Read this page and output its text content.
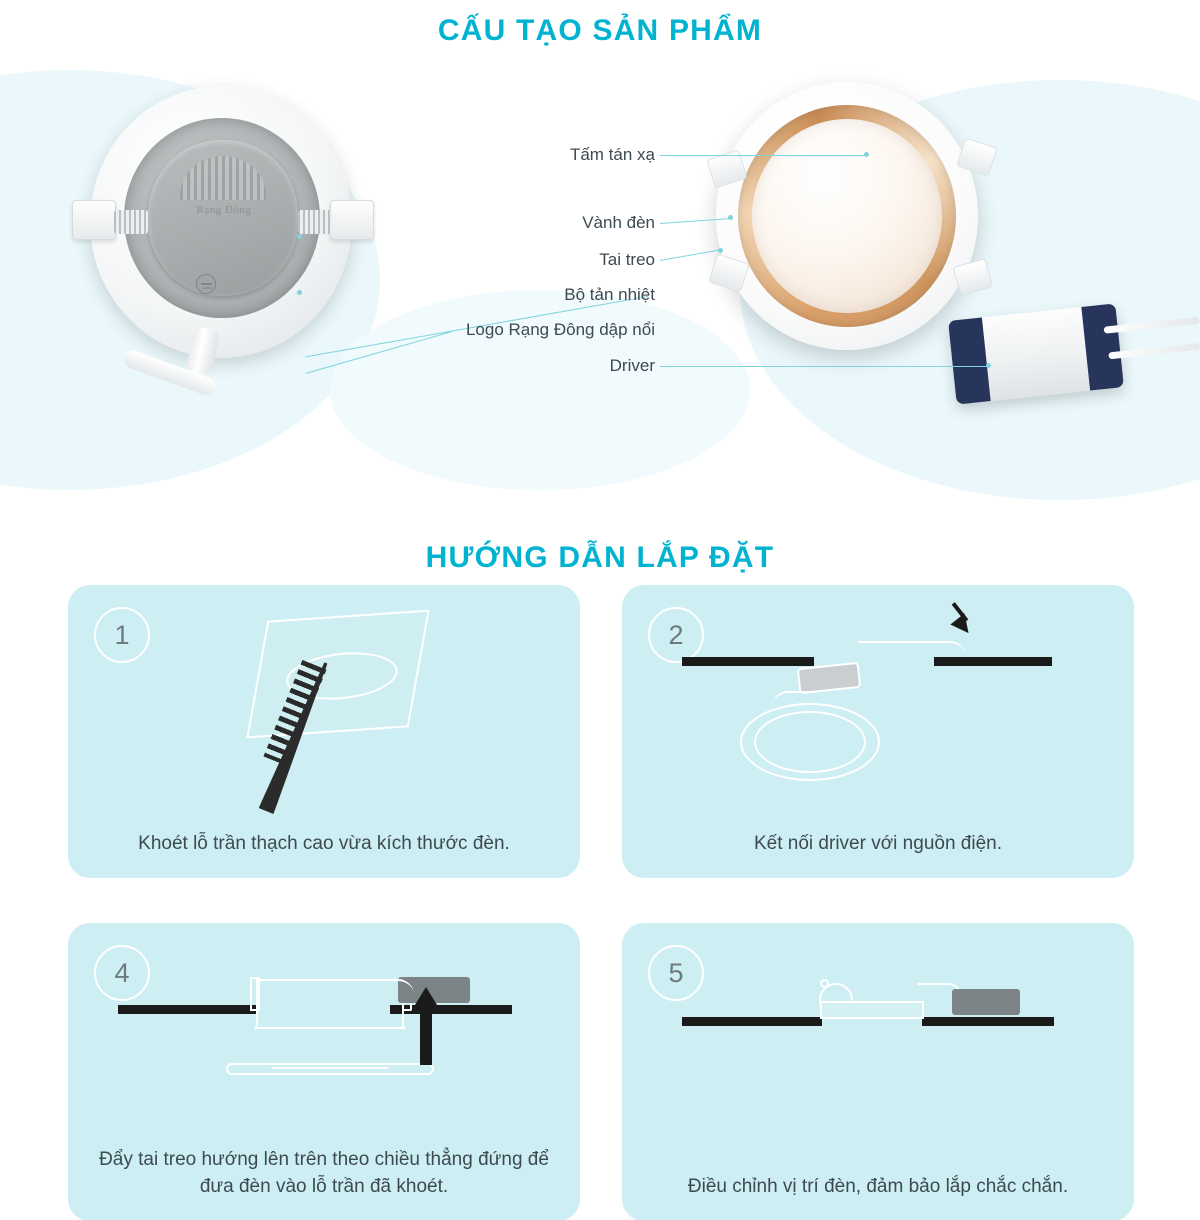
CẤU TẠO SẢN PHẨM
Rạng Đông
Tấm tán xạ
Vành đèn
Tai treo
Bộ tản nhiệt
Logo Rạng Đông dập nổi
Driver
HƯỚNG DẪN LẮP ĐẶT
1
Khoét lỗ trần thạch cao vừa kích thước đèn.
2
Kết nối driver với nguồn điện.
4
Đẩy tai treo hướng lên trên theo chiều thẳng đứng để đưa đèn vào lỗ trần đã khoét.
5
Điều chỉnh vị trí đèn, đảm bảo lắp chắc chắn.
